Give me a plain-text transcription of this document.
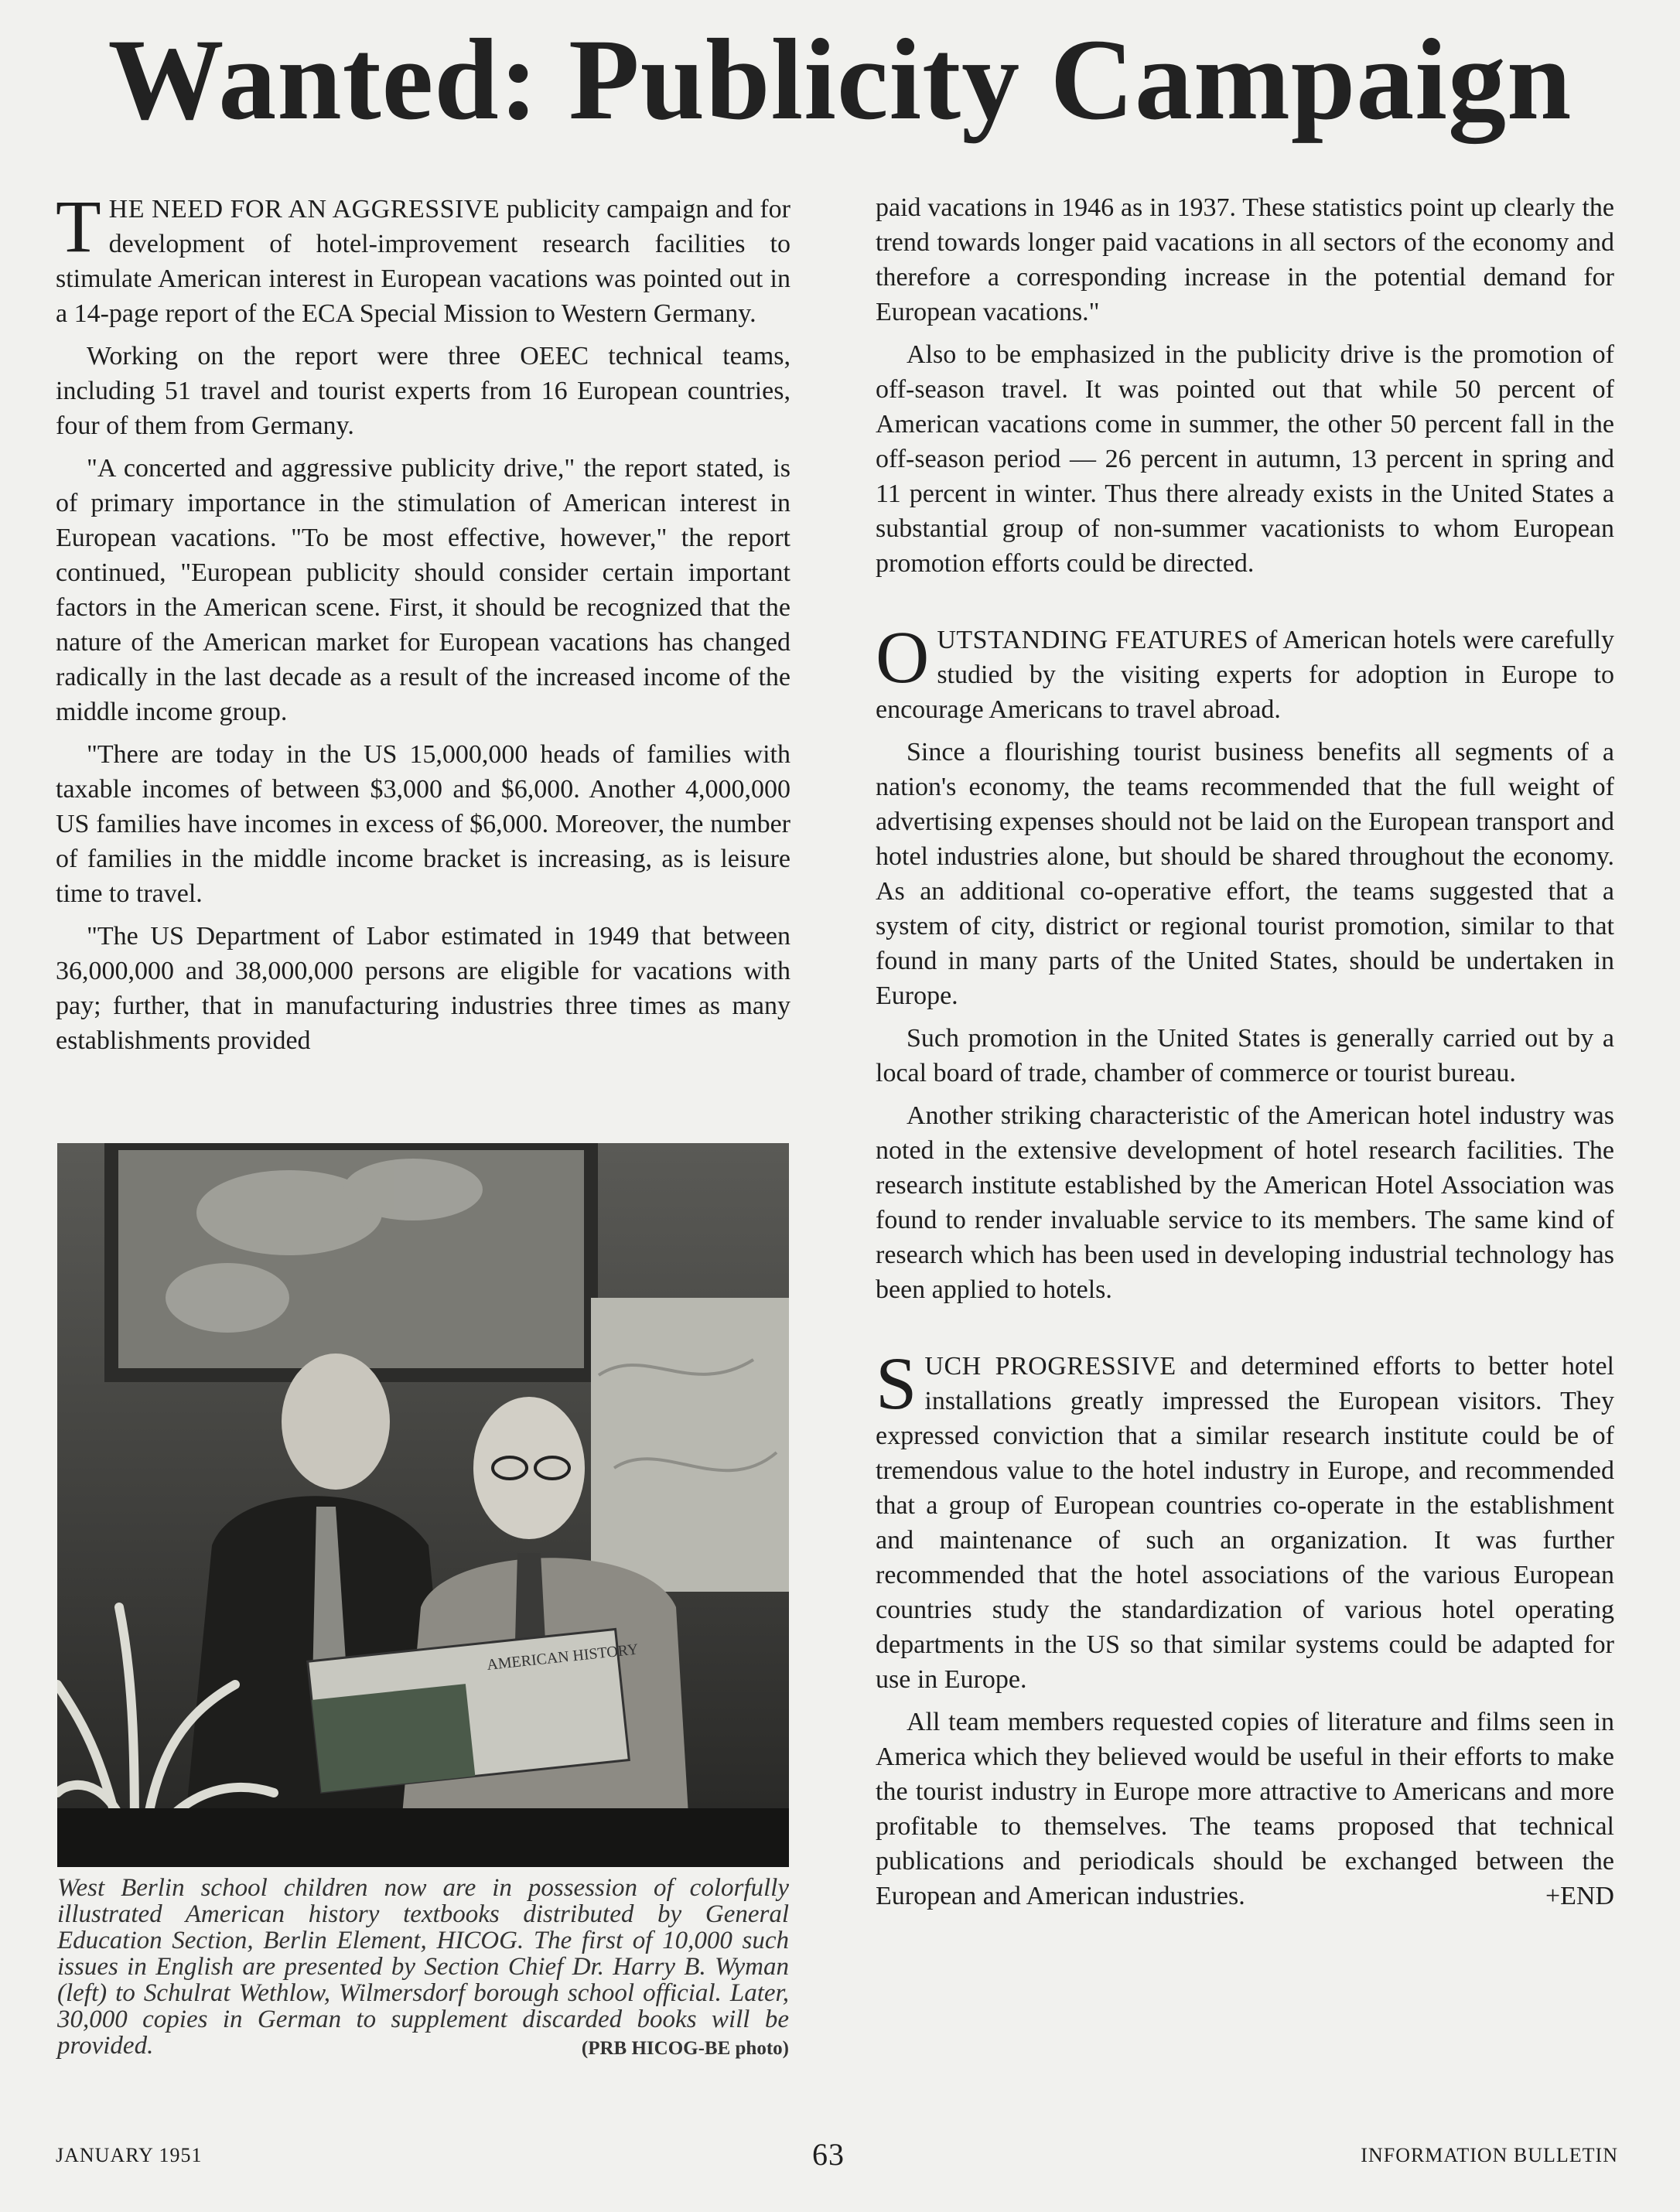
Wanted: Publicity Campaign

THE NEED FOR AN AGGRESSIVE publicity campaign and for development of hotel-improvement research facilities to stimulate American interest in European vacations was pointed out in a 14-page report of the ECA Special Mission to Western Germany.

Working on the report were three OEEC technical teams, including 51 travel and tourist experts from 16 European countries, four of them from Germany.

"A concerted and aggressive publicity drive," the report stated, is of primary importance in the stimulation of American interest in European vacations. "To be most effective, however," the report continued, "European publicity should consider certain important factors in the American scene. First, it should be recognized that the nature of the American market for European vacations has changed radically in the last decade as a result of the increased income of the middle income group.

"There are today in the US 15,000,000 heads of families with taxable incomes of between $3,000 and $6,000. Another 4,000,000 US families have incomes in excess of $6,000. Moreover, the number of families in the middle income bracket is increasing, as is leisure time to travel.

"The US Department of Labor estimated in 1949 that between 36,000,000 and 38,000,000 persons are eligible for vacations with pay; further, that in manufacturing industries three times as many establishments provided

AMERICAN HISTORY
West Berlin school children now are in possession of colorfully illustrated American history textbooks distributed by General Education Section, Berlin Element, HICOG. The first of 10,000 such issues in English are presented by Section Chief Dr. Harry B. Wyman (left) to Schulrat Wethlow, Wilmersdorf borough school official. Later, 30,000 copies in German to supplement discarded books will be provided.	(PRB HICOG-BE photo)

paid vacations in 1946 as in 1937. These statistics point up clearly the trend towards longer paid vacations in all sectors of the economy and therefore a corresponding increase in the potential demand for European vacations."

Also to be emphasized in the publicity drive is the promotion of off-season travel. It was pointed out that while 50 percent of American vacations come in summer, the other 50 percent fall in the off-season period — 26 percent in autumn, 13 percent in spring and 11 percent in winter. Thus there already exists in the United States a substantial group of non-summer vacationists to whom European promotion efforts could be directed.

OUTSTANDING FEATURES of American hotels were carefully studied by the visiting experts for adoption in Europe to encourage Americans to travel abroad.

Since a flourishing tourist business benefits all segments of a nation's economy, the teams recommended that the full weight of advertising expenses should not be laid on the European transport and hotel industries alone, but should be shared throughout the economy. As an additional co-operative effort, the teams suggested that a system of city, district or regional tourist promotion, similar to that found in many parts of the United States, should be undertaken in Europe.

Such promotion in the United States is generally carried out by a local board of trade, chamber of commerce or tourist bureau.

Another striking characteristic of the American hotel industry was noted in the extensive development of hotel research facilities. The research institute established by the American Hotel Association was found to render invaluable service to its members. The same kind of research which has been used in developing industrial technology has been applied to hotels.

SUCH PROGRESSIVE and determined efforts to better hotel installations greatly impressed the European visitors. They expressed conviction that a similar research institute could be of tremendous value to the hotel industry in Europe, and recommended that a group of European countries co-operate in the establishment and maintenance of such an organization. It was further recommended that the hotel associations of the various European countries study the standardization of various hotel operating departments in the US so that similar systems could be adapted for use in Europe.

All team members requested copies of literature and films seen in America which they believed would be useful in their efforts to make the tourist industry in Europe more attractive to Americans and more profitable to themselves. The teams proposed that technical publications and periodicals should be exchanged between the European and American industries.	+END

JANUARY 1951	63	INFORMATION BULLETIN
